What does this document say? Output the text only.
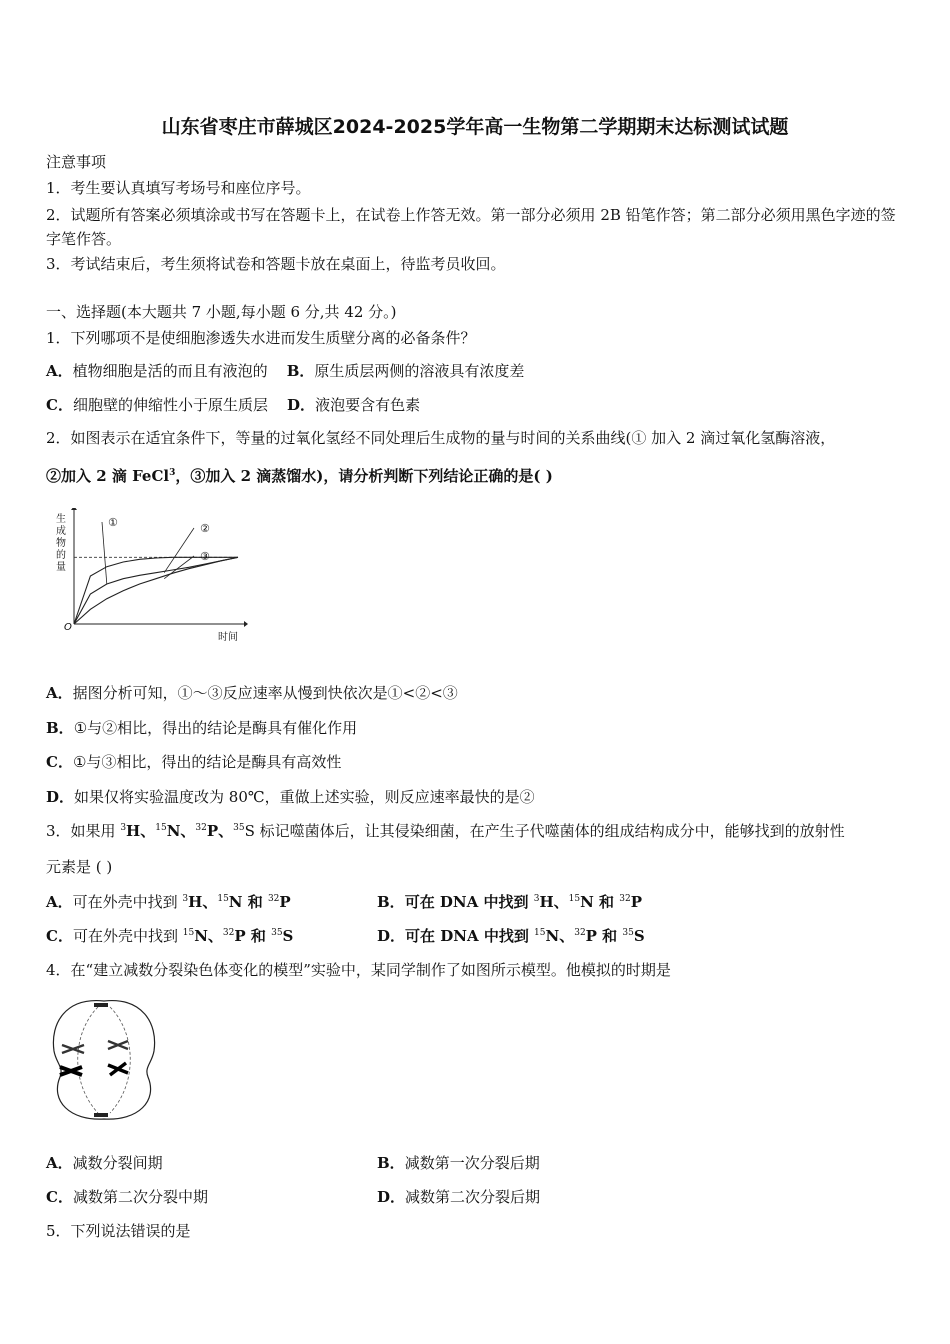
山东省枣庄市薛城区2024-2025学年高一生物第二学期期末达标测试试题
注意事项
1．考生要认真填写考场号和座位序号。
2．试题所有答案必须填涂或书写在答题卡上，在试卷上作答无效。第一部分必须用 2B 铅笔作答；第二部分必须用黑色字迹的签字笔作答。
3．考试结束后，考生须将试卷和答题卡放在桌面上，待监考员收回。
一、选择题(本大题共 7 小题,每小题 6 分,共 42 分。)
1．下列哪项不是使细胞渗透失水进而发生质壁分离的必备条件？
A．植物细胞是活的而且有液泡的 B．原生质层两侧的溶液具有浓度差
C．细胞壁的伸缩性小于原生质层 D．液泡要含有色素
2．如图表示在适宜条件下，等量的过氧化氢经不同处理后生成物的量与时间的关系曲线(① 加入 2 滴过氧化氢酶溶液，
②加入 2 滴 FeCl$^3$，③加入 2 滴蒸馏水)，请分析判断下列结论正确的是( )
①	②
③
生
成
物
的
量
时间
O
A．据图分析可知，①～③反应速率从慢到快依次是①<②<③
B．①与②相比，得出的结论是酶具有催化作用
C．①与③相比，得出的结论是酶具有高效性
D．如果仅将实验温度改为 80℃，重做上述实验，则反应速率最快的是②
3．如果用 $^3$H、$^{15}$N、$^{32}$P、$^{35}$S 标记噬菌体后，让其侵染细菌，在产生子代噬菌体的组成结构成分中，能够找到的放射性
元素是 ( )
A．可在外壳中找到 $^3$H、$^{15}$N 和 $^{32}$P	B．可在 DNA 中找到 $^3$H、$^{15}$N 和 $^{32}$P
C．可在外壳中找到 $^{15}$N、$^{32}$P 和 $^{35}$S	D．可在 DNA 中找到 $^{15}$N、$^{32}$P 和 $^{35}$S
4．在“建立减数分裂染色体变化的模型”实验中，某同学制作了如图所示模型。他模拟的时期是
A．减数分裂间期	B．减数第一次分裂后期
C．减数第二次分裂中期	D．减数第二次分裂后期
5．下列说法错误的是
